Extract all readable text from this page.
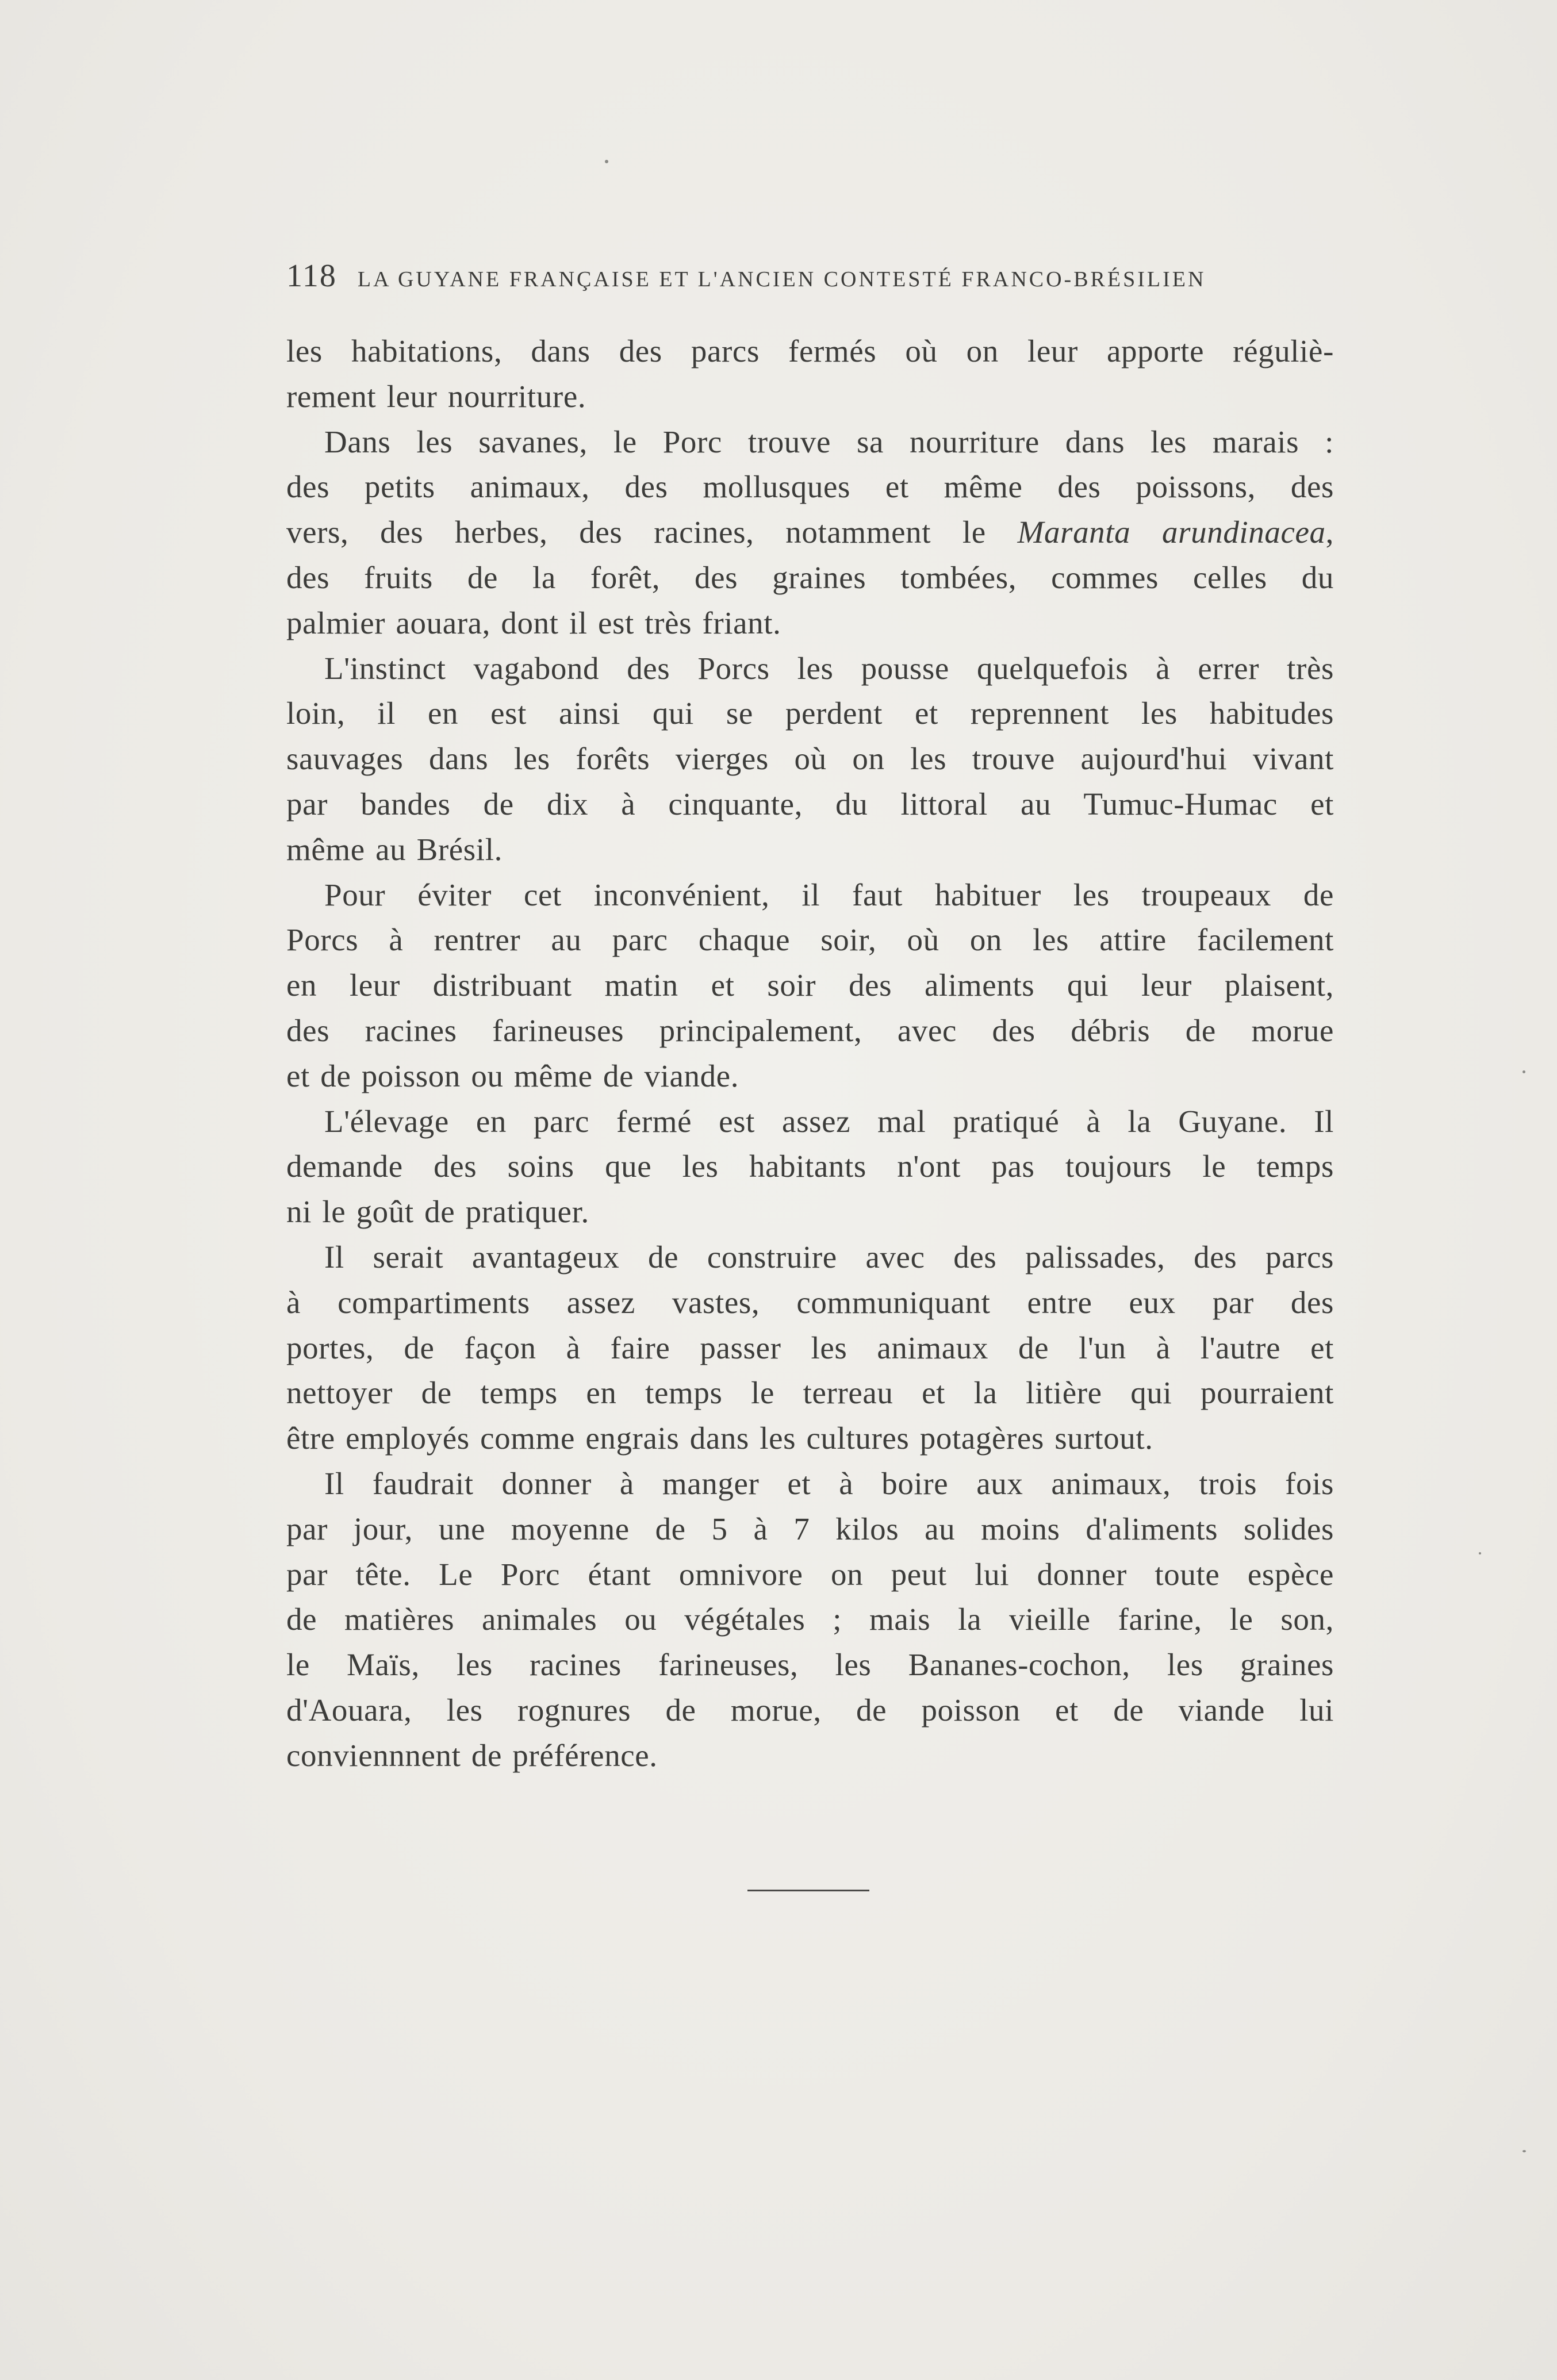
118 LA GUYANE FRANÇAISE ET L'ANCIEN CONTESTÉ FRANCO-BRÉSILIEN
les habitations, dans des parcs fermés où on leur apporte réguliè-
rement leur nourriture.
Dans les savanes, le Porc trouve sa nourriture dans les marais :
des petits animaux, des mollusques et même des poissons, des
vers, des herbes, des racines, notamment le Maranta arundinacea,
des fruits de la forêt, des graines tombées, commes celles du
palmier aouara, dont il est très friant.
L'instinct vagabond des Porcs les pousse quelquefois à errer très
loin, il en est ainsi qui se perdent et reprennent les habitudes
sauvages dans les forêts vierges où on les trouve aujourd'hui vivant
par bandes de dix à cinquante, du littoral au Tumuc-Humac et
même au Brésil.
Pour éviter cet inconvénient, il faut habituer les troupeaux de
Porcs à rentrer au parc chaque soir, où on les attire facilement
en leur distribuant matin et soir des aliments qui leur plaisent,
des racines farineuses principalement, avec des débris de morue
et de poisson ou même de viande.
L'élevage en parc fermé est assez mal pratiqué à la Guyane. Il
demande des soins que les habitants n'ont pas toujours le temps
ni le goût de pratiquer.
Il serait avantageux de construire avec des palissades, des parcs
à compartiments assez vastes, communiquant entre eux par des
portes, de façon à faire passer les animaux de l'un à l'autre et
nettoyer de temps en temps le terreau et la litière qui pourraient
être employés comme engrais dans les cultures potagères surtout.
Il faudrait donner à manger et à boire aux animaux, trois fois
par jour, une moyenne de 5 à 7 kilos au moins d'aliments solides
par tête. Le Porc étant omnivore on peut lui donner toute espèce
de matières animales ou végétales ; mais la vieille farine, le son,
le Maïs, les racines farineuses, les Bananes-cochon, les graines
d'Aouara, les rognures de morue, de poisson et de viande lui
conviennnent de préférence.
